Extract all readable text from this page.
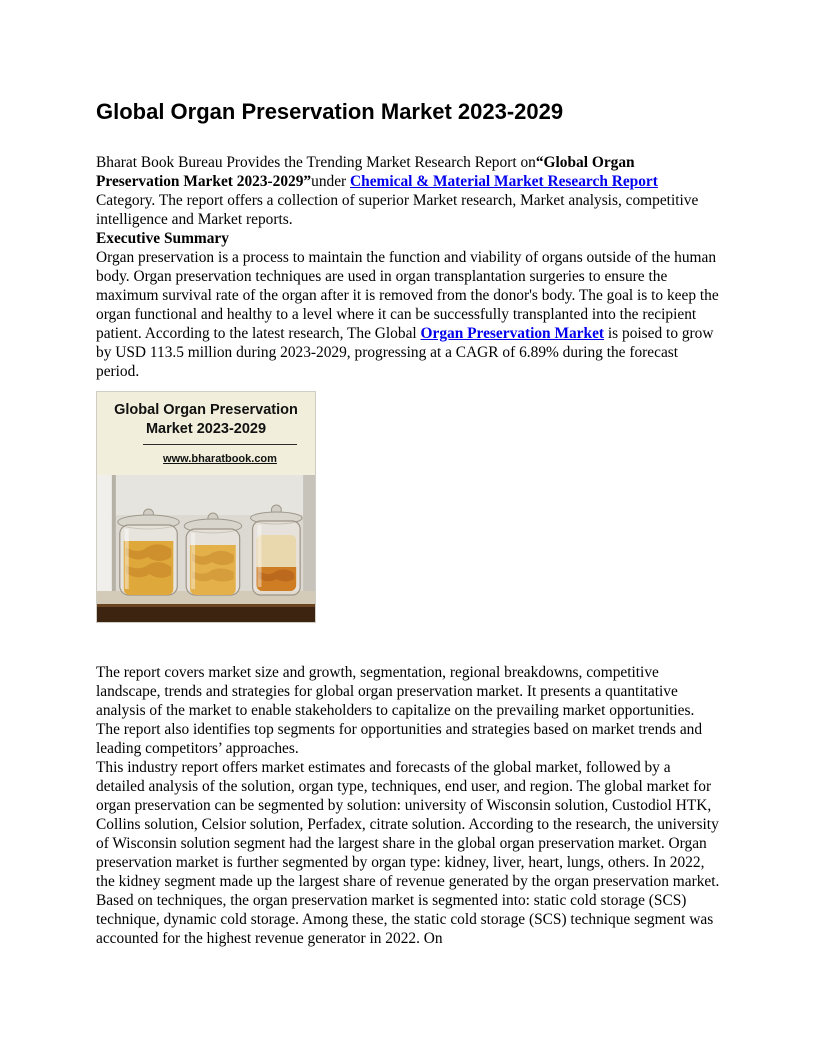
Global Organ Preservation Market 2023-2029

Bharat Book Bureau Provides the Trending Market Research Report on“Global Organ Preservation Market 2023-2029”under Chemical & Material Market Research Report Category. The report offers a collection of superior Market research, Market analysis, competitive intelligence and Market reports.

Executive Summary

Organ preservation is a process to maintain the function and viability of organs outside of the human body. Organ preservation techniques are used in organ transplantation surgeries to ensure the maximum survival rate of the organ after it is removed from the donor's body. The goal is to keep the organ functional and healthy to a level where it can be successfully transplanted into the recipient patient. According to the latest research, The Global Organ Preservation Market is poised to grow by USD 113.5 million during 2023-2029, progressing at a CAGR of 6.89% during the forecast period.

Global Organ Preservation Market 2023-2029
www.bharatbook.com

The report covers market size and growth, segmentation, regional breakdowns, competitive landscape, trends and strategies for global organ preservation market. It presents a quantitative analysis of the market to enable stakeholders to capitalize on the prevailing market opportunities. The report also identifies top segments for opportunities and strategies based on market trends and leading competitors’ approaches.

This industry report offers market estimates and forecasts of the global market, followed by a detailed analysis of the solution, organ type, techniques, end user, and region. The global market for organ preservation can be segmented by solution: university of Wisconsin solution, Custodiol HTK, Collins solution, Celsior solution, Perfadex, citrate solution. According to the research, the university of Wisconsin solution segment had the largest share in the global organ preservation market. Organ preservation market is further segmented by organ type: kidney, liver, heart, lungs, others. In 2022, the kidney segment made up the largest share of revenue generated by the organ preservation market. Based on techniques, the organ preservation market is segmented into: static cold storage (SCS) technique, dynamic cold storage. Among these, the static cold storage (SCS) technique segment was accounted for the highest revenue generator in 2022. On
